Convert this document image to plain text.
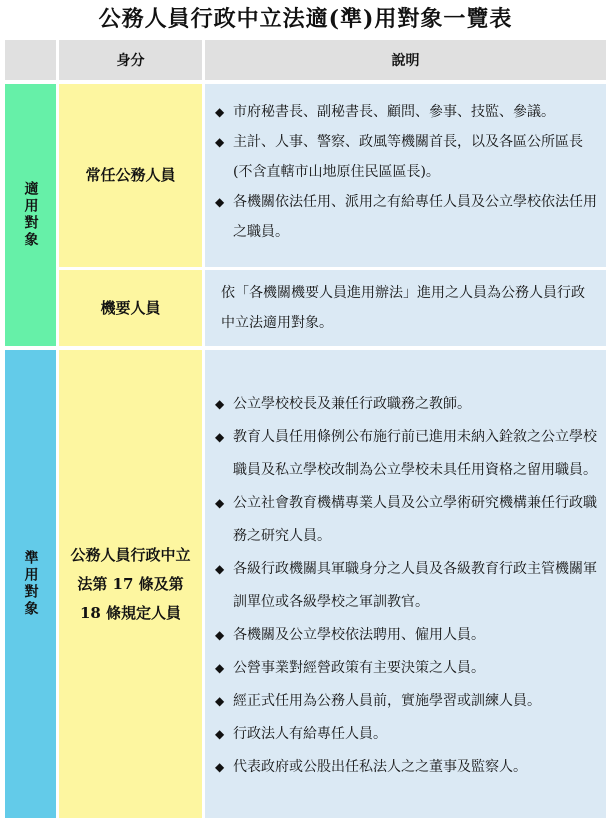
公務人員行政中立法適(準)用對象一覽表
身分	說明
適用對象
常任公務人員
◆ 市府秘書長、副秘書長、顧問、參事、技監、參議。
◆ 主計、人事、警察、政風等機關首長，以及各區公所區長(不含直轄市山地原住民區區長)。
◆ 各機關依法任用、派用之有給專任人員及公立學校依法任用之職員。
機要人員
依「各機關機要人員進用辦法」進用之人員為公務人員行政中立法適用對象。
準用對象	公務人員行政中立法第 17 條及第 18 條規定人員
◆ 公立學校校長及兼任行政職務之教師。
◆ 教育人員任用條例公布施行前已進用未納入銓敘之公立學校職員及私立學校改制為公立學校未具任用資格之留用職員。
◆ 公立社會教育機構專業人員及公立學術研究機構兼任行政職務之研究人員。
◆ 各級行政機關具軍職身分之人員及各級教育行政主管機關軍訓單位或各級學校之軍訓教官。
◆ 各機關及公立學校依法聘用、僱用人員。
◆ 公營事業對經營政策有主要決策之人員。
◆ 經正式任用為公務人員前，實施學習或訓練人員。
◆ 行政法人有給專任人員。
◆ 代表政府或公股出任私法人之之董事及監察人。
